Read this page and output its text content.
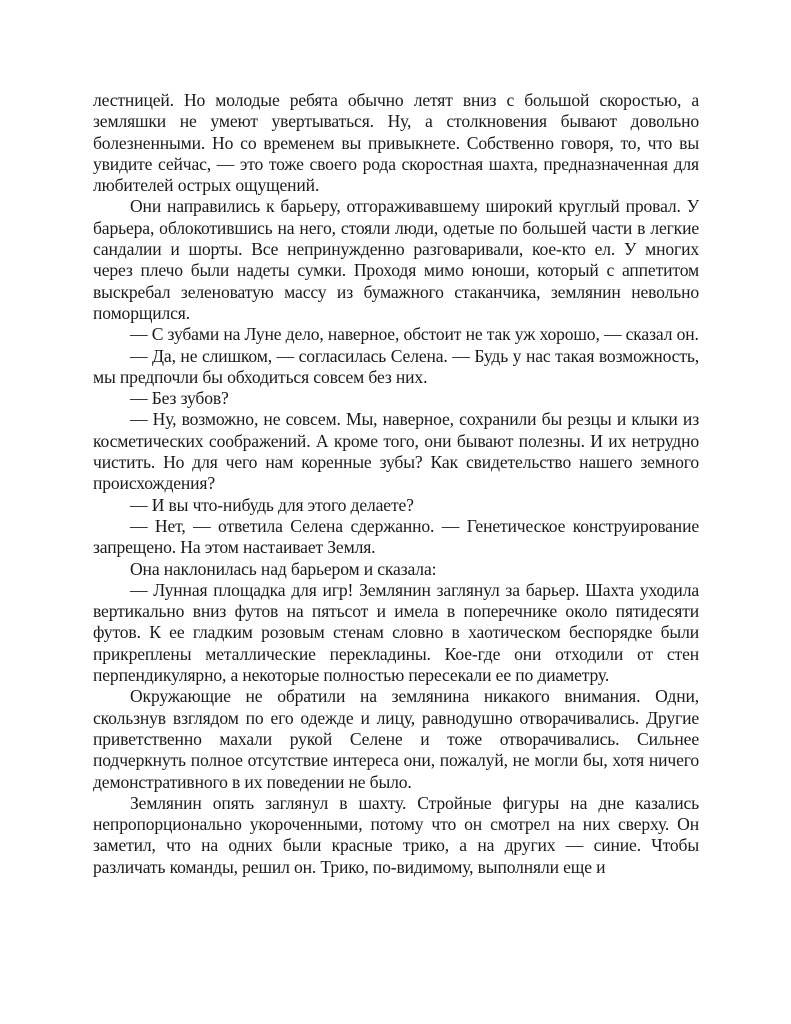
лестницей. Но молодые ребята обычно летят вниз с большой скоростью, а земляшки не умеют увертываться. Ну, а столкновения бывают довольно болезненными. Но со временем вы привыкнете. Собственно говоря, то, что вы увидите сейчас, — это тоже своего рода скоростная шахта, предназначенная для любителей острых ощущений.

Они направились к барьеру, отгораживавшему широкий круглый провал. У барьера, облокотившись на него, стояли люди, одетые по большей части в легкие сандалии и шорты. Все непринужденно разговаривали, кое-кто ел. У многих через плечо были надеты сумки. Проходя мимо юноши, который с аппетитом выскребал зеленоватую массу из бумажного стаканчика, землянин невольно поморщился.

— С зубами на Луне дело, наверное, обстоит не так уж хорошо, — сказал он.

— Да, не слишком, — согласилась Селена. — Будь у нас такая возможность, мы предпочли бы обходиться совсем без них.

— Без зубов?

— Ну, возможно, не совсем. Мы, наверное, сохранили бы резцы и клыки из косметических соображений. А кроме того, они бывают полезны. И их нетрудно чистить. Но для чего нам коренные зубы? Как свидетельство нашего земного происхождения?

— И вы что-нибудь для этого делаете?

— Нет, — ответила Селена сдержанно. — Генетическое конструирование запрещено. На этом настаивает Земля.

Она наклонилась над барьером и сказала:

— Лунная площадка для игр! Землянин заглянул за барьер. Шахта уходила вертикально вниз футов на пятьсот и имела в поперечнике около пятидесяти футов. К ее гладким розовым стенам словно в хаотическом беспорядке были прикреплены металлические перекладины. Кое-где они отходили от стен перпендикулярно, а некоторые полностью пересекали ее по диаметру.

Окружающие не обратили на землянина никакого внимания. Одни, скользнув взглядом по его одежде и лицу, равнодушно отворачивались. Другие приветственно махали рукой Селене и тоже отворачивались. Сильнее подчеркнуть полное отсутствие интереса они, пожалуй, не могли бы, хотя ничего демонстративного в их поведении не было.

Землянин опять заглянул в шахту. Стройные фигуры на дне казались непропорционально укороченными, потому что он смотрел на них сверху. Он заметил, что на одних были красные трико, а на других — синие. Чтобы различать команды, решил он. Трико, по-видимому, выполняли еще и
